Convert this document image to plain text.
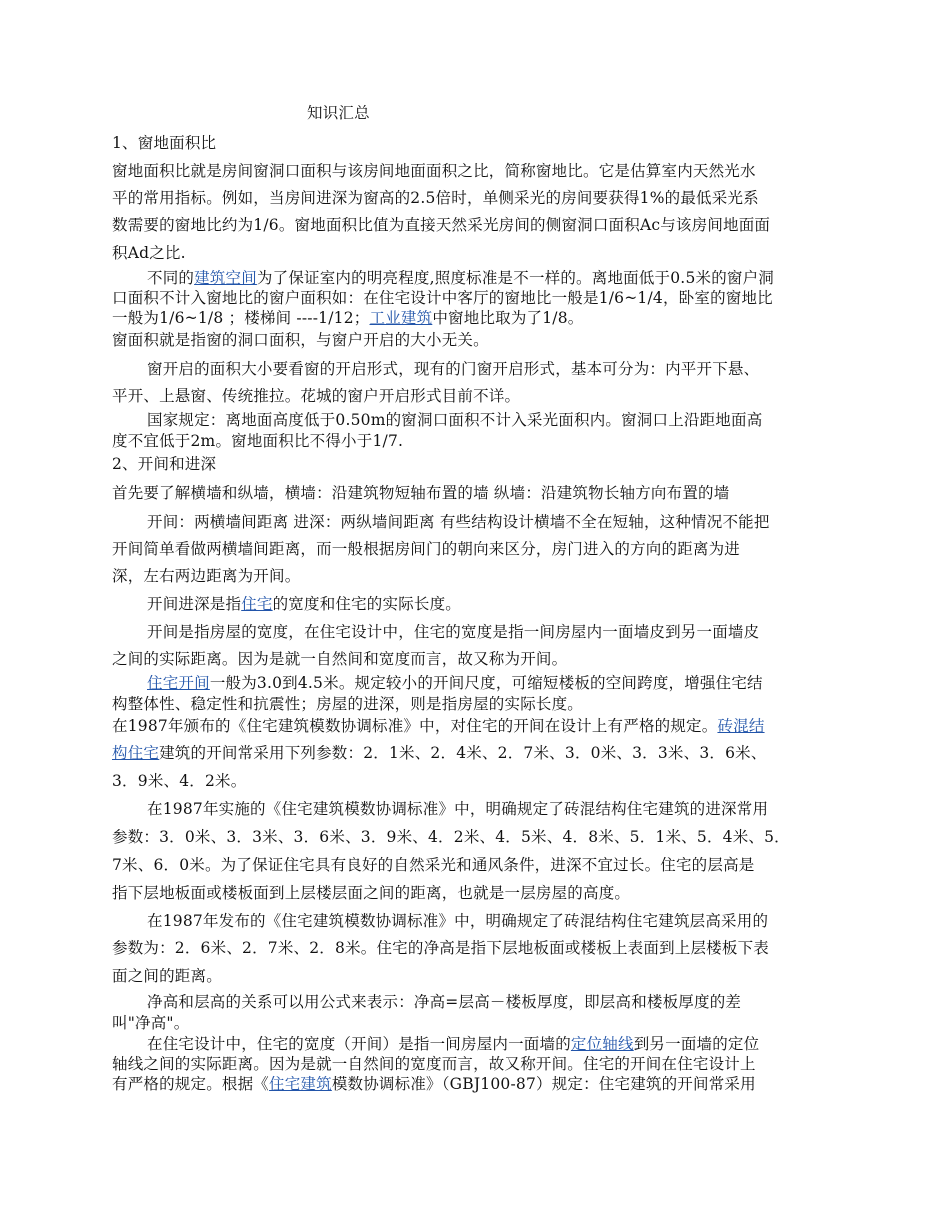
知识汇总
1、窗地面积比
窗地面积比就是房间窗洞口面积与该房间地面面积之比，简称窗地比。它是估算室内天然光水
平的常用指标。例如，当房间进深为窗高的2.5倍时，单侧采光的房间要获得1%的最低采光系
数需要的窗地比约为1/6。窗地面积比值为直接天然采光房间的侧窗洞口面积Ac与该房间地面面
积Ad之比.
不同的建筑空间为了保证室内的明亮程度,照度标准是不一样的。离地面低于0.5米的窗户洞
口面积不计入窗地比的窗户面积如：在住宅设计中客厅的窗地比一般是1/6~1/4，卧室的窗地比
一般为1/6~1/8 ；楼梯间 ----1/12；工业建筑中窗地比取为了1/8。
窗面积就是指窗的洞口面积，与窗户开启的大小无关。
窗开启的面积大小要看窗的开启形式，现有的门窗开启形式，基本可分为：内平开下悬、
平开、上悬窗、传统推拉。花城的窗户开启形式目前不详。
国家规定：离地面高度低于0.50m的窗洞口面积不计入采光面积内。窗洞口上沿距地面高
度不宜低于2m。窗地面积比不得小于1/7.
2、开间和进深
首先要了解横墙和纵墙，横墙：沿建筑物短轴布置的墙 纵墙：沿建筑物长轴方向布置的墙
开间：两横墙间距离 进深：两纵墙间距离 有些结构设计横墙不全在短轴，这种情况不能把
开间简单看做两横墙间距离，而一般根据房间门的朝向来区分，房门进入的方向的距离为进
深，左右两边距离为开间。
开间进深是指住宅的宽度和住宅的实际长度。
开间是指房屋的宽度，在住宅设计中，住宅的宽度是指一间房屋内一面墙皮到另一面墙皮
之间的实际距离。因为是就一自然间和宽度而言，故又称为开间。
住宅开间一般为3.0到4.5米。规定较小的开间尺度，可缩短楼板的空间跨度，增强住宅结
构整体性、稳定性和抗震性；房屋的进深，则是指房屋的实际长度。
在1987年颁布的《住宅建筑模数协调标准》中，对住宅的开间在设计上有严格的规定。砖混结
构住宅建筑的开间常采用下列参数：2．1米、2．4米、2．7米、3．0米、3．3米、3．6米、
3．9米、4．2米。
在1987年实施的《住宅建筑模数协调标准》中，明确规定了砖混结构住宅建筑的进深常用
参数：3．0米、3．3米、3．6米、3．9米、4．2米、4．5米、4．8米、5．1米、5．4米、5．
7米、6．0米。为了保证住宅具有良好的自然采光和通风条件，进深不宜过长。住宅的层高是
指下层地板面或楼板面到上层楼层面之间的距离，也就是一层房屋的高度。
在1987年发布的《住宅建筑模数协调标准》中，明确规定了砖混结构住宅建筑层高采用的
参数为：2．6米、2．7米、2．8米。住宅的净高是指下层地板面或楼板上表面到上层楼板下表
面之间的距离。
净高和层高的关系可以用公式来表示：净高=层高－楼板厚度，即层高和楼板厚度的差
叫"净高"。
在住宅设计中，住宅的宽度（开间）是指一间房屋内一面墙的定位轴线到另一面墙的定位
轴线之间的实际距离。因为是就一自然间的宽度而言，故又称开间。住宅的开间在住宅设计上
有严格的规定。根据《住宅建筑模数协调标准》（GBJ100-87）规定：住宅建筑的开间常采用
